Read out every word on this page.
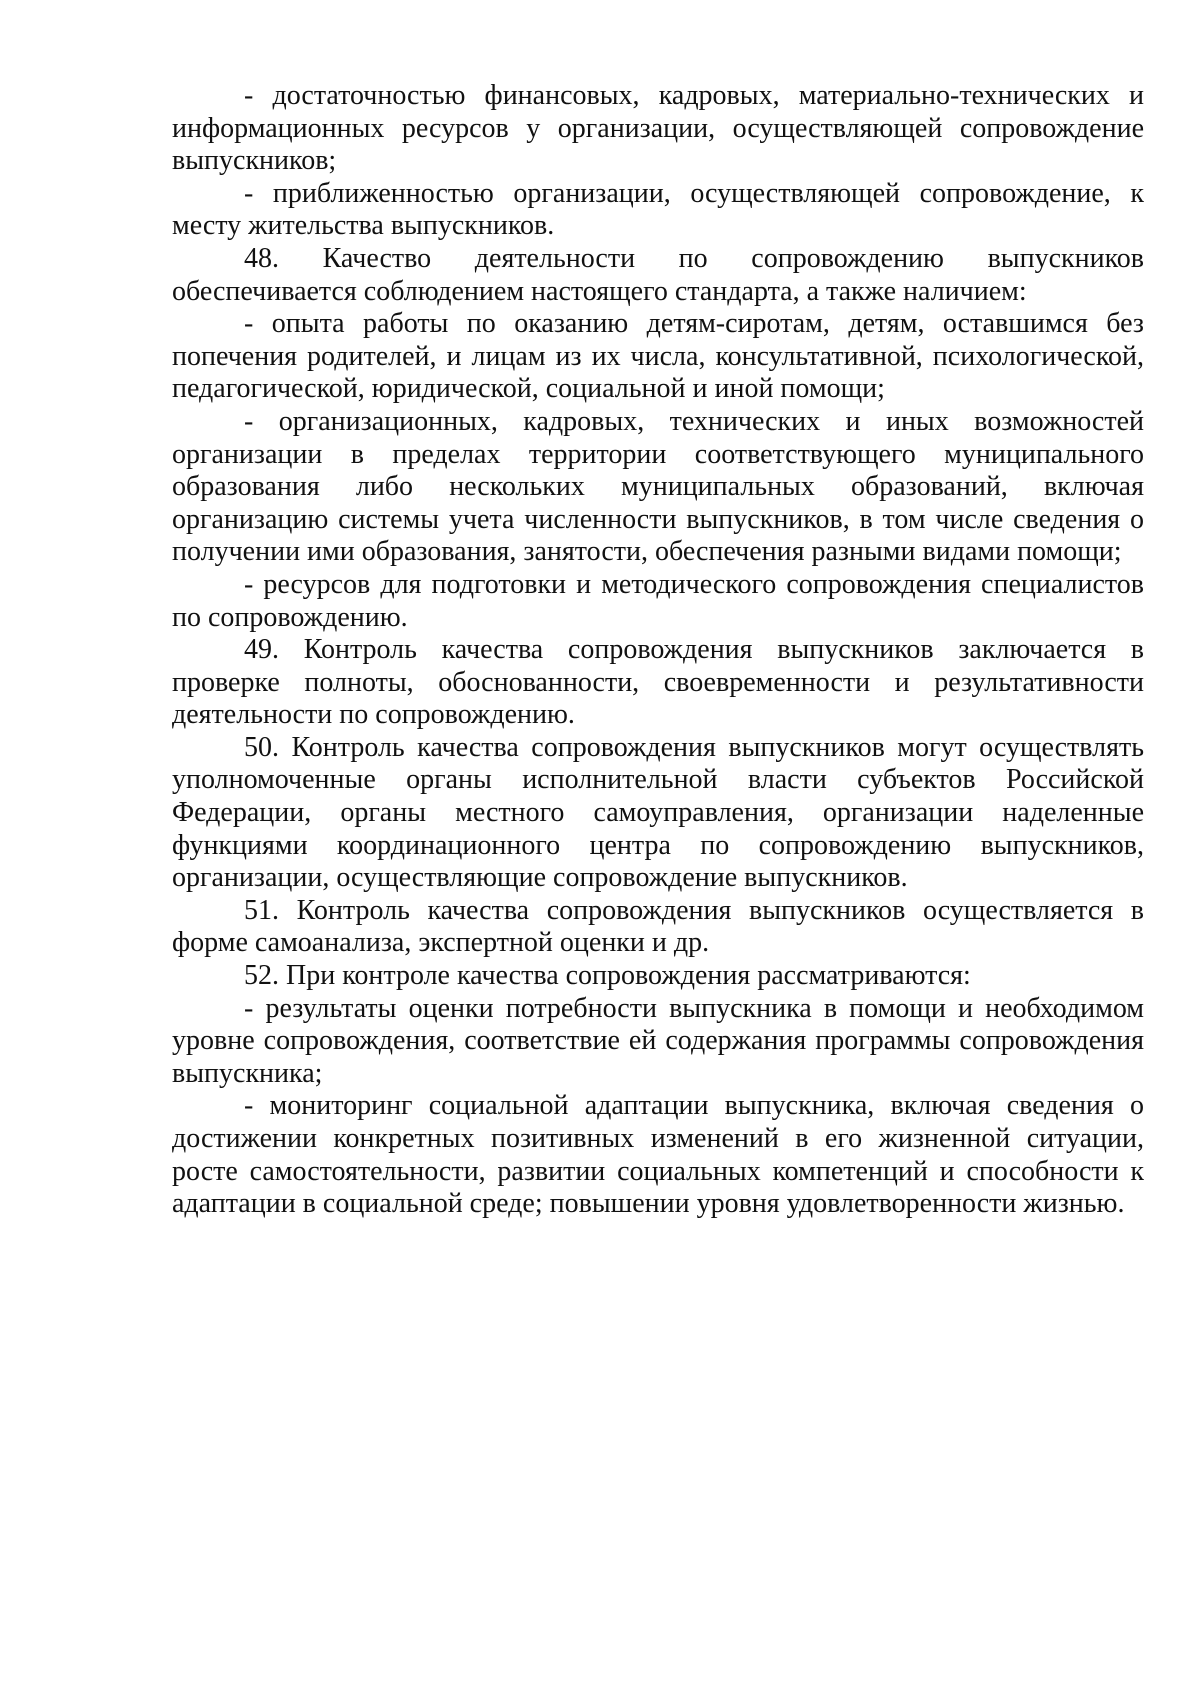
- достаточностью финансовых, кадровых, материально-технических и информационных ресурсов у организации, осуществляющей сопровождение выпускников;

- приближенностью организации, осуществляющей сопровождение, к месту жительства выпускников.

48. Качество деятельности по сопровождению выпускников обеспечивается соблюдением настоящего стандарта, а также наличием:

- опыта работы по оказанию детям-сиротам, детям, оставшимся без попечения родителей, и лицам из их числа, консультативной, психологической, педагогической, юридической, социальной и иной помощи;

- организационных, кадровых, технических и иных возможностей организации в пределах территории соответствующего муниципального образования либо нескольких муниципальных образований, включая организацию системы учета численности выпускников, в том числе сведения о получении ими образования, занятости, обеспечения разными видами помощи;

- ресурсов для подготовки и методического сопровождения специалистов по сопровождению.

49. Контроль качества сопровождения выпускников заключается в проверке полноты, обоснованности, своевременности и результативности деятельности по сопровождению.

50. Контроль качества сопровождения выпускников могут осуществлять уполномоченные органы исполнительной власти субъектов Российской Федерации, органы местного самоуправления, организации наделенные функциями координационного центра по сопровождению выпускников, организации, осуществляющие сопровождение выпускников.

51. Контроль качества сопровождения выпускников осуществляется в форме самоанализа, экспертной оценки и др.

52. При контроле качества сопровождения рассматриваются:

- результаты оценки потребности выпускника в помощи и необходимом уровне сопровождения, соответствие ей содержания программы сопровождения выпускника;

- мониторинг социальной адаптации выпускника, включая сведения о достижении конкретных позитивных изменений в его жизненной ситуации, росте самостоятельности, развитии социальных компетенций и способности к адаптации в социальной среде; повышении уровня удовлетворенности жизнью.
